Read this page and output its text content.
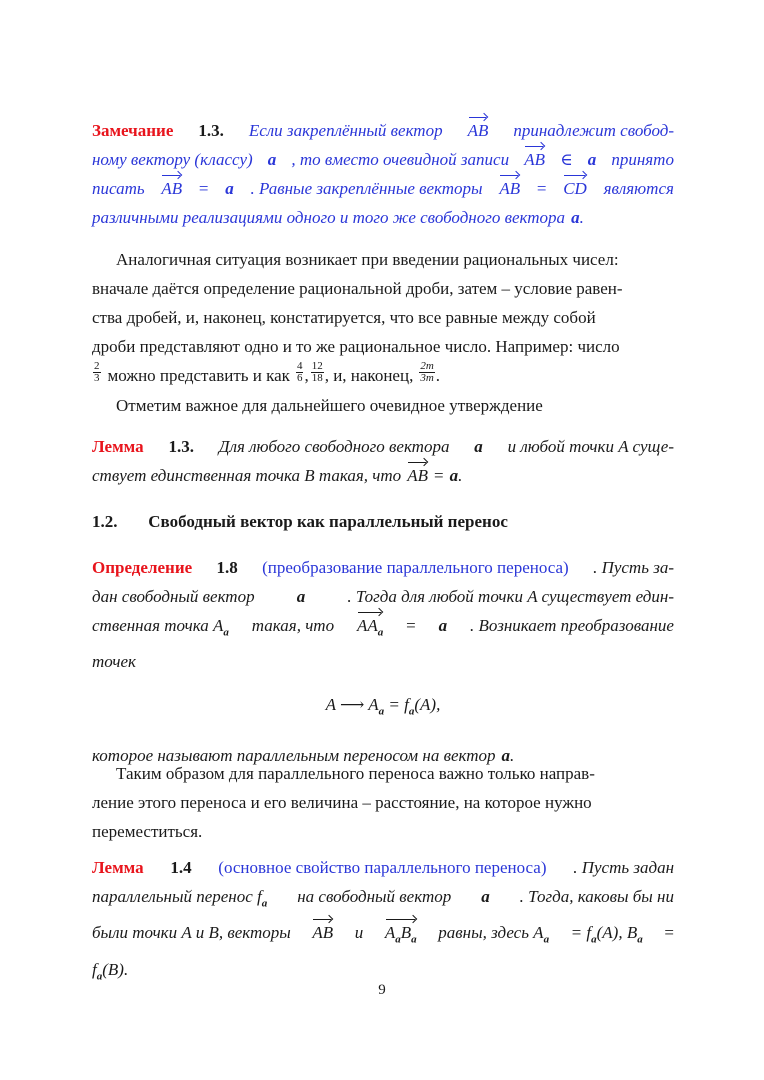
Замечание 1.3. Если закреплённый вектор AB принадлежит свобод-
ному вектору (классу) a , то вместо очевидной записи AB ∈ a принято
писать AB = a . Равные закреплённые векторы AB = CD являются
различными реализациями одного и того же свободного вектора a .
Аналогичная ситуация возникает при введении рациональных чисел:
вначале даётся определение рациональной дроби, затем – условие равен-
ства дробей, и, наконец, констатируется, что все равные между собой
дроби представляют одно и то же рациональное число. Например: число
$\frac{2}{3}$ можно представить и как $\frac{4}{6}$ , $\frac{12}{18}$ , и, наконец, $\frac{2m}{3m}$ .
Отметим важное для дальнейшего очевидное утверждение
Лемма 1.3. Для любого свободного вектора a и любой точки A суще-
ствует единственная точка B такая, что AB = a .
1.2. Свободный вектор как параллельный перенос
Определение 1.8 (преобразование параллельного переноса) . Пусть за-
дан свободный вектор a . Тогда для любой точки A существует един-
ственная точка $A_a$ такая, что $AA_a = a$ . Возникает преобразование
точек
A ⟶ $A_a = f_a(A)$,
которое называют параллельным переносом на вектор a .
Таким образом для параллельного переноса важно только направ-
ление этого переноса и его величина – расстояние, на которое нужно
переместиться.
Лемма 1.4 (основное свойство параллельного переноса) . Пусть задан
параллельный перенос $f_a$ на свободный вектор a . Тогда, каковы бы ни
были точки A и B, векторы AB и $A_aB_a$ равны, здесь $A_a = f_a(A)$, $B_a$ =
$f_a(B)$.
9
